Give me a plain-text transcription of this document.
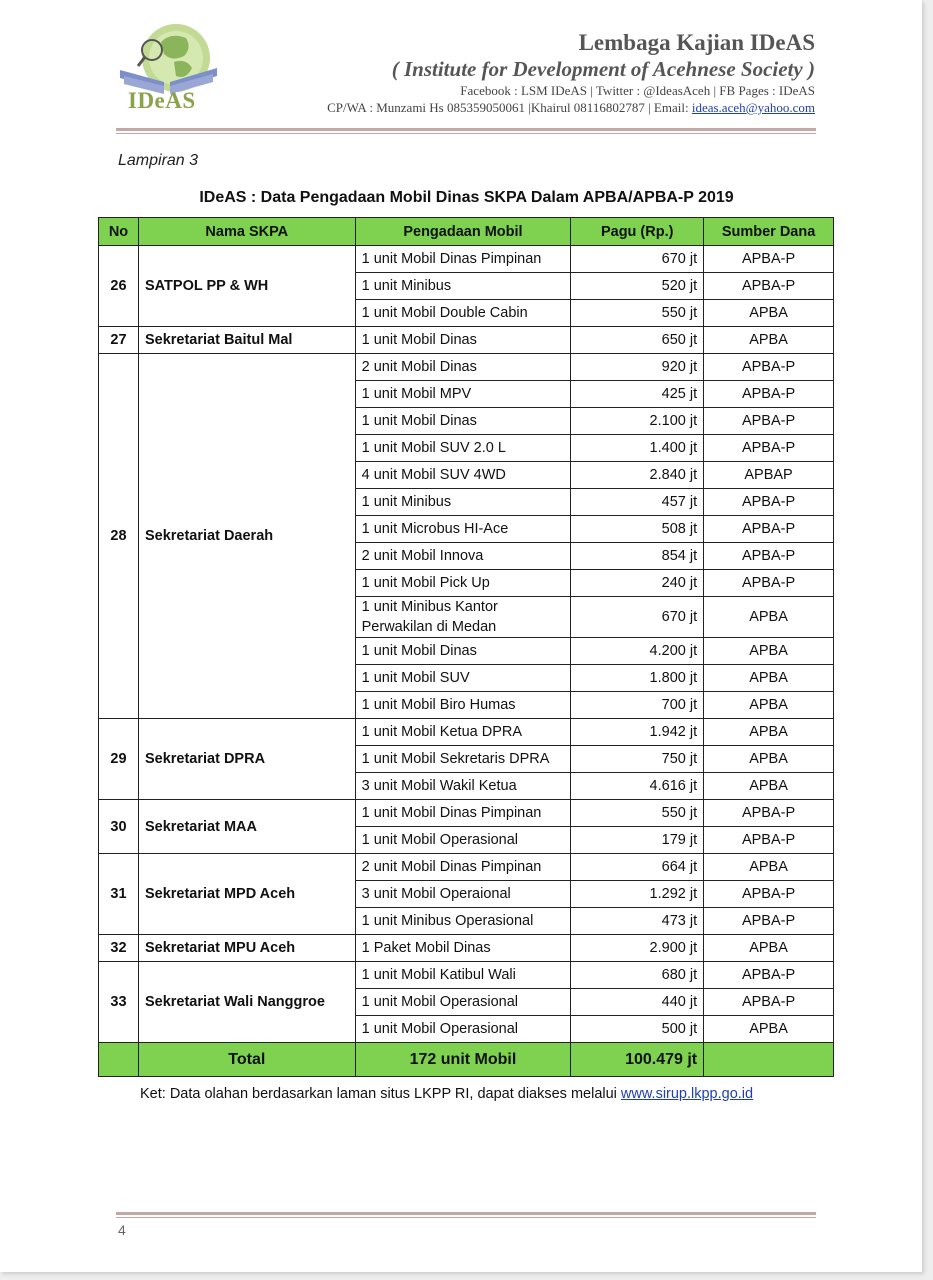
IDeAS
Lembaga Kajian IDeAS
( Institute for Development of Acehnese Society )
Facebook : LSM IDeAS | Twitter : @IdeasAceh | FB Pages : IDeAS
CP/WA : Munzami Hs 085359050061 |Khairul 08116802787 | Email: ideas.aceh@yahoo.com
Lampiran 3
IDeAS : Data Pengadaan Mobil Dinas SKPA Dalam APBA/APBA-P 2019
No	Nama SKPA	Pengadaan Mobil	Pagu (Rp.)	Sumber Dana
26	SATPOL PP & WH	1 unit Mobil Dinas Pimpinan	670 jt	APBA-P
		1 unit Minibus	520 jt	APBA-P
		1 unit Mobil Double Cabin	550 jt	APBA
27	Sekretariat Baitul Mal	1 unit Mobil Dinas	650 jt	APBA
28	Sekretariat Daerah	2 unit Mobil Dinas	920 jt	APBA-P
		1 unit Mobil MPV	425 jt	APBA-P
		1 unit Mobil Dinas	2.100 jt	APBA-P
		1 unit Mobil SUV 2.0 L	1.400 jt	APBA-P
		4 unit Mobil SUV 4WD	2.840 jt	APBAP
		1 unit Minibus	457 jt	APBA-P
		1 unit Microbus HI-Ace	508 jt	APBA-P
		2 unit Mobil Innova	854 jt	APBA-P
		1 unit Mobil Pick Up	240 jt	APBA-P

		1 unit Minibus Kantor
Perwakilan di Medan	670 jt	APBA
		1 unit Mobil Dinas	4.200 jt	APBA
		1 unit Mobil SUV	1.800 jt	APBA
		1 unit Mobil Biro Humas	700 jt	APBA
29	Sekretariat DPRA	1 unit Mobil Ketua DPRA	1.942 jt	APBA
		1 unit Mobil Sekretaris DPRA	750 jt	APBA
		3 unit Mobil Wakil Ketua	4.616 jt	APBA
30	Sekretariat MAA	1 unit Mobil Dinas Pimpinan	550 jt	APBA-P
		1 unit Mobil Operasional	179 jt	APBA-P
31	Sekretariat MPD Aceh	2 unit Mobil Dinas Pimpinan	664 jt	APBA
		3 unit Mobil Operaional	1.292 jt	APBA-P
		1 unit Minibus Operasional	473 jt	APBA-P
32	Sekretariat MPU Aceh	1 Paket Mobil Dinas	2.900 jt	APBA
33	Sekretariat Wali Nanggroe	1 unit Mobil Katibul Wali	680 jt	APBA-P
		1 unit Mobil Operasional	440 jt	APBA-P
		1 unit Mobil Operasional	500 jt	APBA
	Total	172 unit Mobil	100.479 jt	
Ket: Data olahan berdasarkan laman situs LKPP RI, dapat diakses melalui www.sirup.lkpp.go.id
4
